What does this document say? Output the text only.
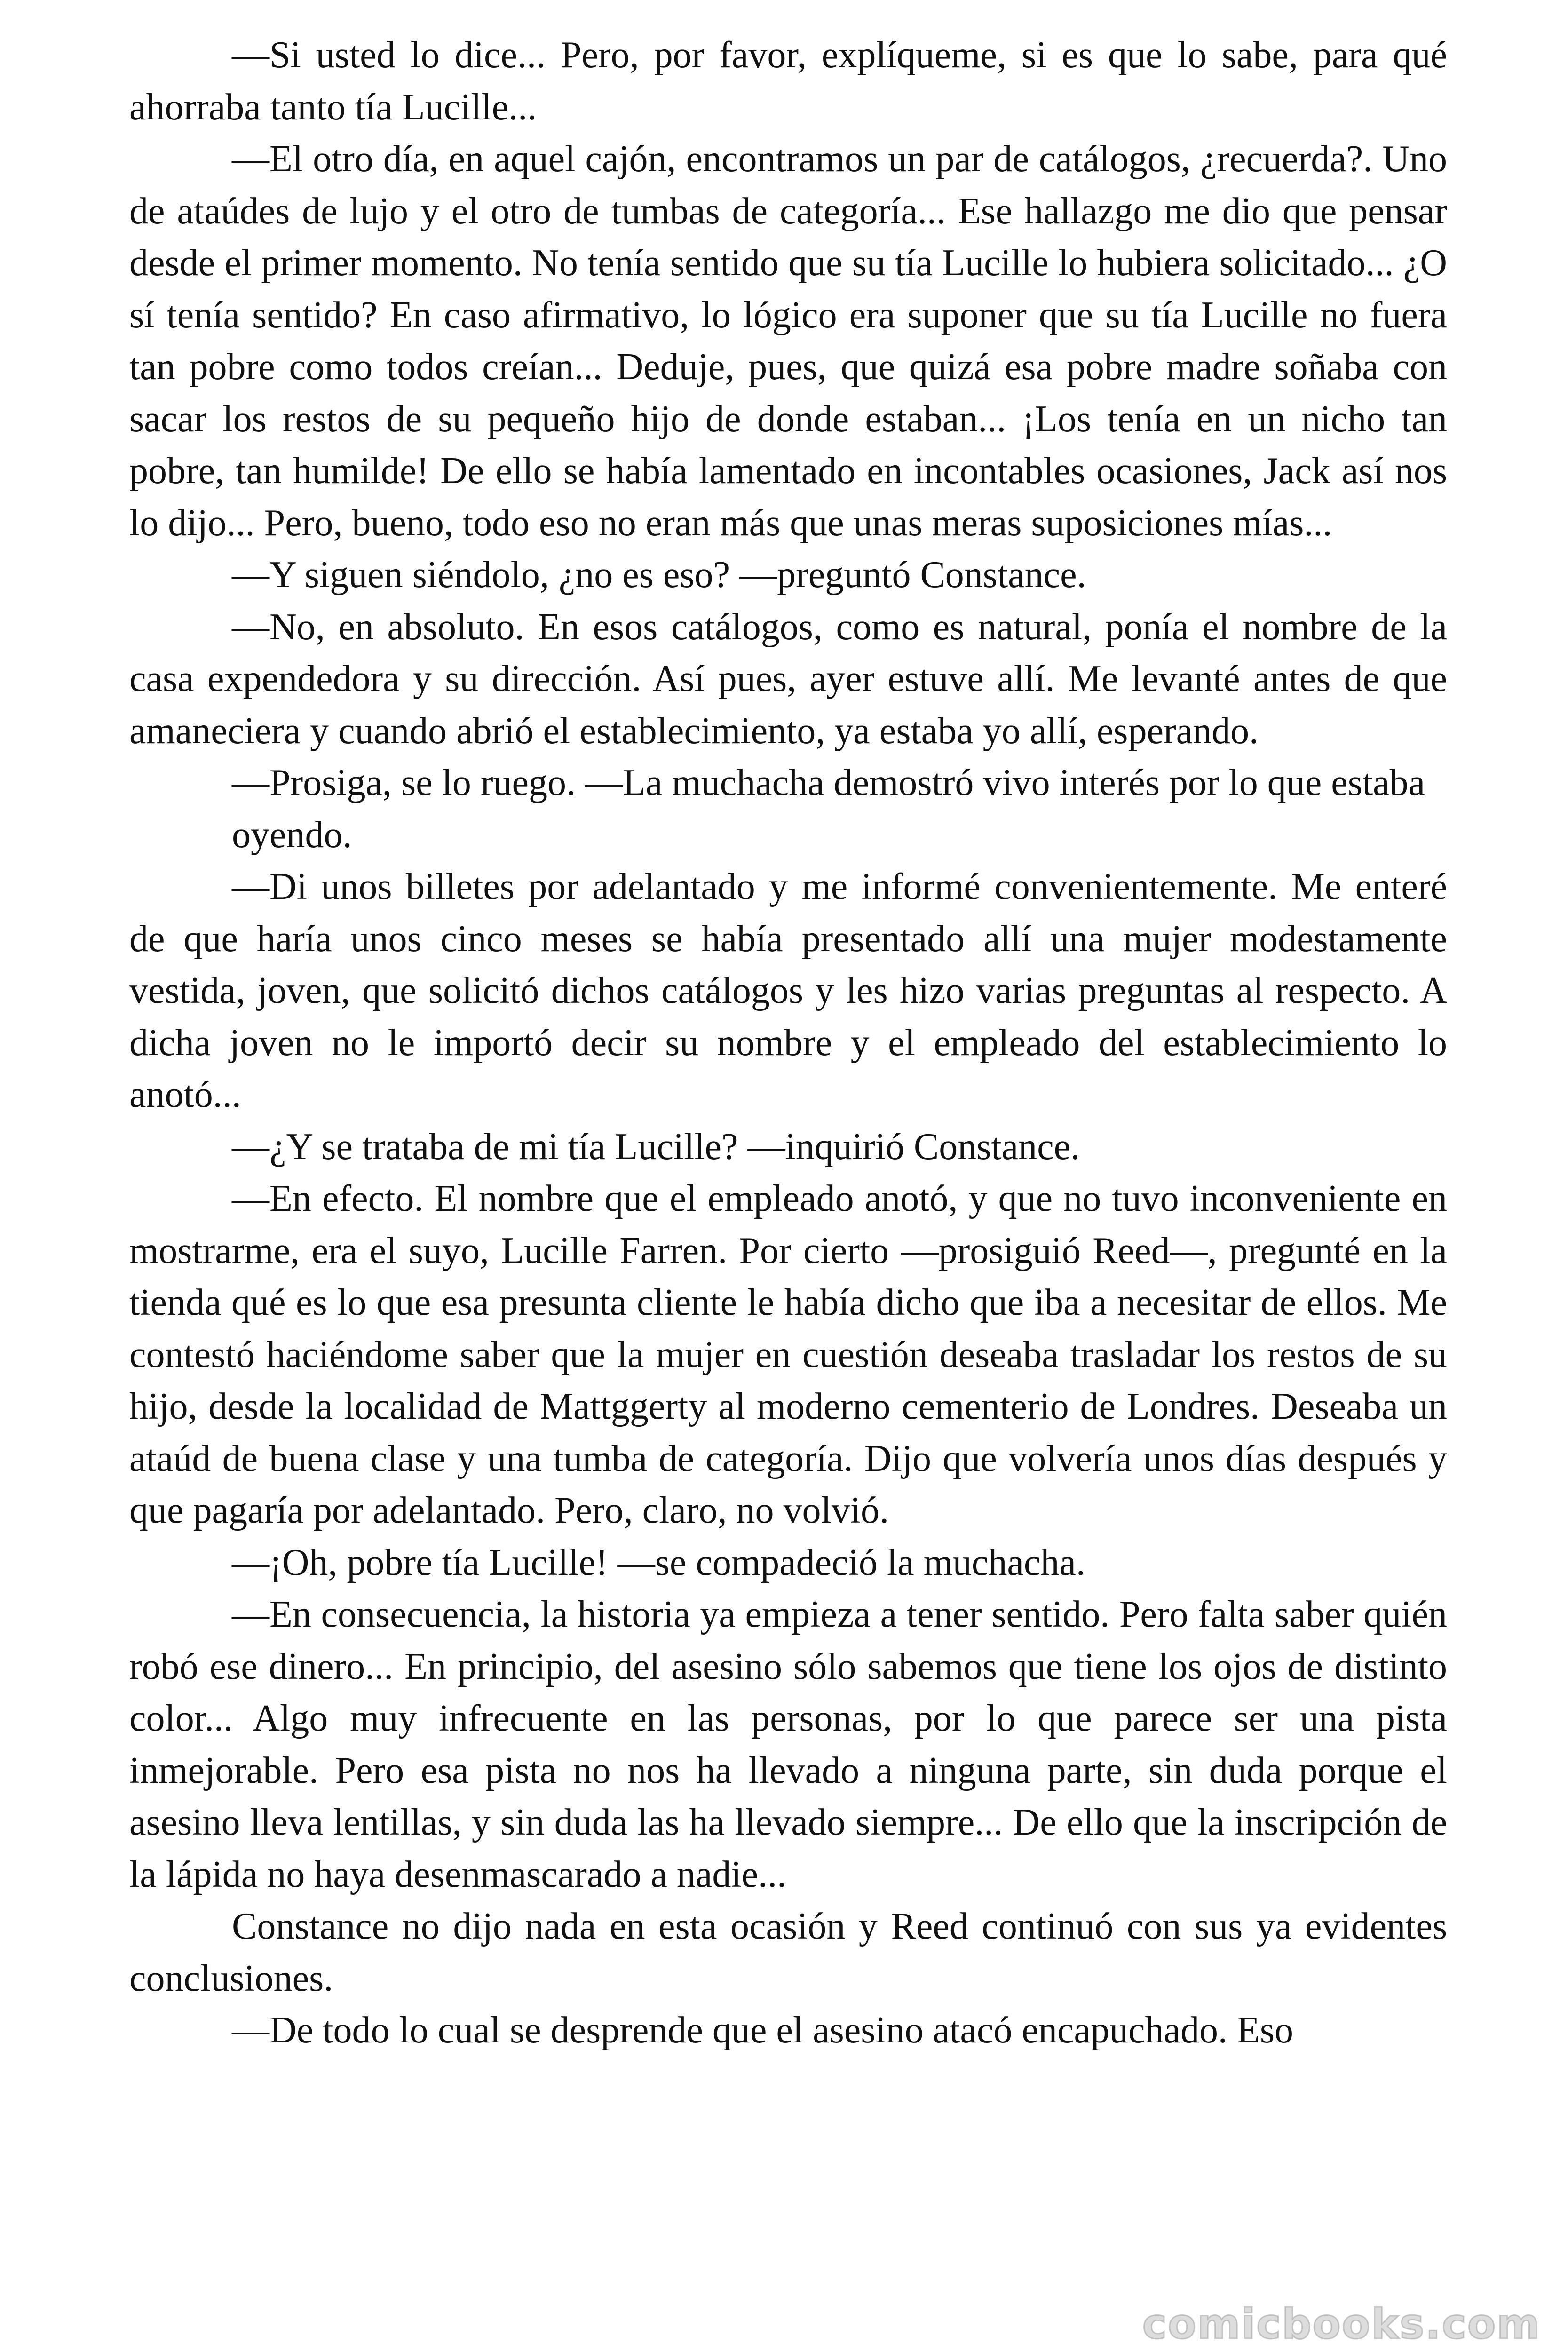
—Si usted lo dice... Pero, por favor, explíqueme, si es que lo sabe, para qué ahorraba tanto tía Lucille...

—El otro día, en aquel cajón, encontramos un par de catálogos, ¿recuerda?. Uno de ataúdes de lujo y el otro de tumbas de categoría... Ese hallazgo me dio que pensar desde el primer momento. No tenía sentido que su tía Lucille lo hubiera solicitado... ¿O sí tenía sentido? En caso afirmativo, lo lógico era suponer que su tía Lucille no fuera tan pobre como todos creían... Deduje, pues, que quizá esa pobre madre soñaba con sacar los restos de su pequeño hijo de donde estaban... ¡Los tenía en un nicho tan pobre, tan humilde! De ello se había lamentado en incontables ocasiones, Jack así nos lo dijo... Pero, bueno, todo eso no eran más que unas meras suposiciones mías...

—Y siguen siéndolo, ¿no es eso? —preguntó Constance.

—No, en absoluto. En esos catálogos, como es natural, ponía el nombre de la casa expendedora y su dirección. Así pues, ayer estuve allí. Me levanté antes de que amaneciera y cuando abrió el establecimiento, ya estaba yo allí, esperando.

—Prosiga, se lo ruego. —La muchacha demostró vivo interés por lo que estaba oyendo.

—Di unos billetes por adelantado y me informé convenientemente. Me enteré de que haría unos cinco meses se había presentado allí una mujer modestamente vestida, joven, que solicitó dichos catálogos y les hizo varias preguntas al respecto. A dicha joven no le importó decir su nombre y el empleado del establecimiento lo anotó...

—¿Y se trataba de mi tía Lucille? —inquirió Constance.

—En efecto. El nombre que el empleado anotó, y que no tuvo inconveniente en mostrarme, era el suyo, Lucille Farren. Por cierto —prosiguió Reed—, pregunté en la tienda qué es lo que esa presunta cliente le había dicho que iba a necesitar de ellos. Me contestó haciéndome saber que la mujer en cuestión deseaba trasladar los restos de su hijo, desde la localidad de Mattggerty al moderno cementerio de Londres. Deseaba un ataúd de buena clase y una tumba de categoría. Dijo que volvería unos días después y que pagaría por adelantado. Pero, claro, no volvió.

—¡Oh, pobre tía Lucille! —se compadeció la muchacha.

—En consecuencia, la historia ya empieza a tener sentido. Pero falta saber quién robó ese dinero... En principio, del asesino sólo sabemos que tiene los ojos de distinto color... Algo muy infrecuente en las personas, por lo que parece ser una pista inmejorable. Pero esa pista no nos ha llevado a ninguna parte, sin duda porque el asesino lleva lentillas, y sin duda las ha llevado siempre... De ello que la inscripción de la lápida no haya desenmascarado a nadie...

Constance no dijo nada en esta ocasión y Reed continuó con sus ya evidentes conclusiones.

—De todo lo cual se desprende que el asesino atacó encapuchado. Eso

comicbooks.com
